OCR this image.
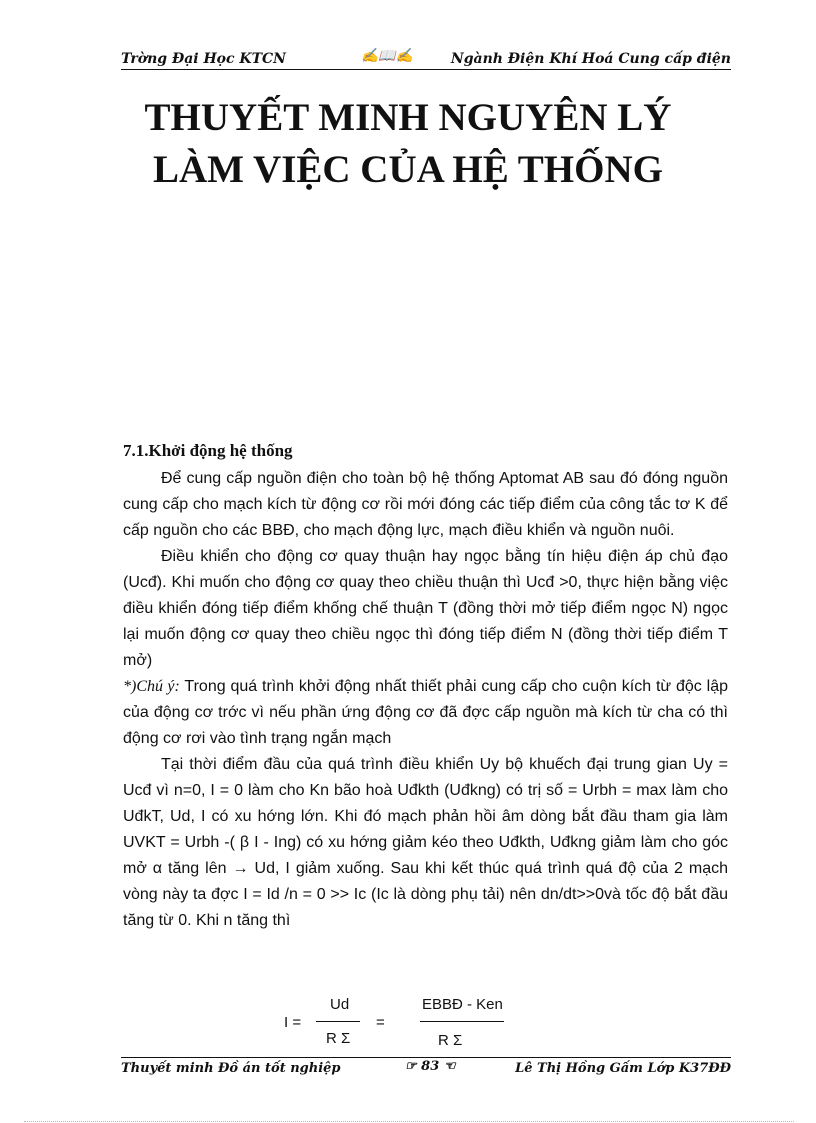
Trờng Đại Học KTCN	✍📖✍	Ngành Điện Khí Hoá Cung cấp điện
THUYẾT MINH NGUYÊN LÝ
LÀM VIỆC CỦA HỆ THỐNG

7.1.Khởi động hệ thống

Để cung cấp nguồn điện cho toàn bộ hệ thống Aptomat AB sau đó đóng nguồn cung cấp cho mạch kích từ động cơ rồi mới đóng các tiếp điểm của công tắc tơ K để cấp nguồn cho các BBĐ, cho mạch động lực, mạch điều khiển và nguồn nuôi.

Điều khiển cho động cơ quay thuận hay ngọc bằng tín hiệu điện áp chủ đạo (Ucđ). Khi muốn cho động cơ quay theo chiều thuận thì Ucđ >0, thực hiện bằng việc điều khiển đóng tiếp điểm khống chế thuận T (đồng thời mở tiếp điểm ngọc N) ngọc lại muốn động cơ quay theo chiều ngọc thì đóng tiếp điểm N (đồng thời tiếp điểm T mở)

*)Chú ý: Trong quá trình khởi động nhất thiết phải cung cấp cho cuộn kích từ độc lập của động cơ trớc vì nếu phần ứng động cơ đã đợc cấp nguồn mà kích từ cha có thì động cơ rơi vào tình trạng ngắn mạch

Tại thời điểm đầu của quá trình điều khiển Uy bộ khuếch đại trung gian Uy = Ucđ vì n=0, I = 0 làm cho Kn bão hoà Uđkth (Uđkng) có trị số = Urbh = max làm cho UđkT, Ud, I có xu hớng lớn. Khi đó mạch phản hồi âm dòng bắt đầu tham gia làm UVKT = Urbh -( β I - Ing) có xu hớng giảm kéo theo Uđkth, Uđkng giảm làm cho góc mở α tăng lên → Ud, I giảm xuống. Sau khi kết thúc quá trình quá độ của 2 mạch vòng này ta đợc I = Id /n = 0 >> Ic (Ic là dòng phụ tải) nên dn/dt>>0và tốc độ bắt đầu tăng từ 0. Khi n tăng thì

I =
Ud
R Σ
=
EBBĐ - Ken
R Σ
Thuyết minh Đồ án tốt nghiệp	☞ 83 ☜	Lê Thị Hồng Gấm Lớp K37ĐĐ
